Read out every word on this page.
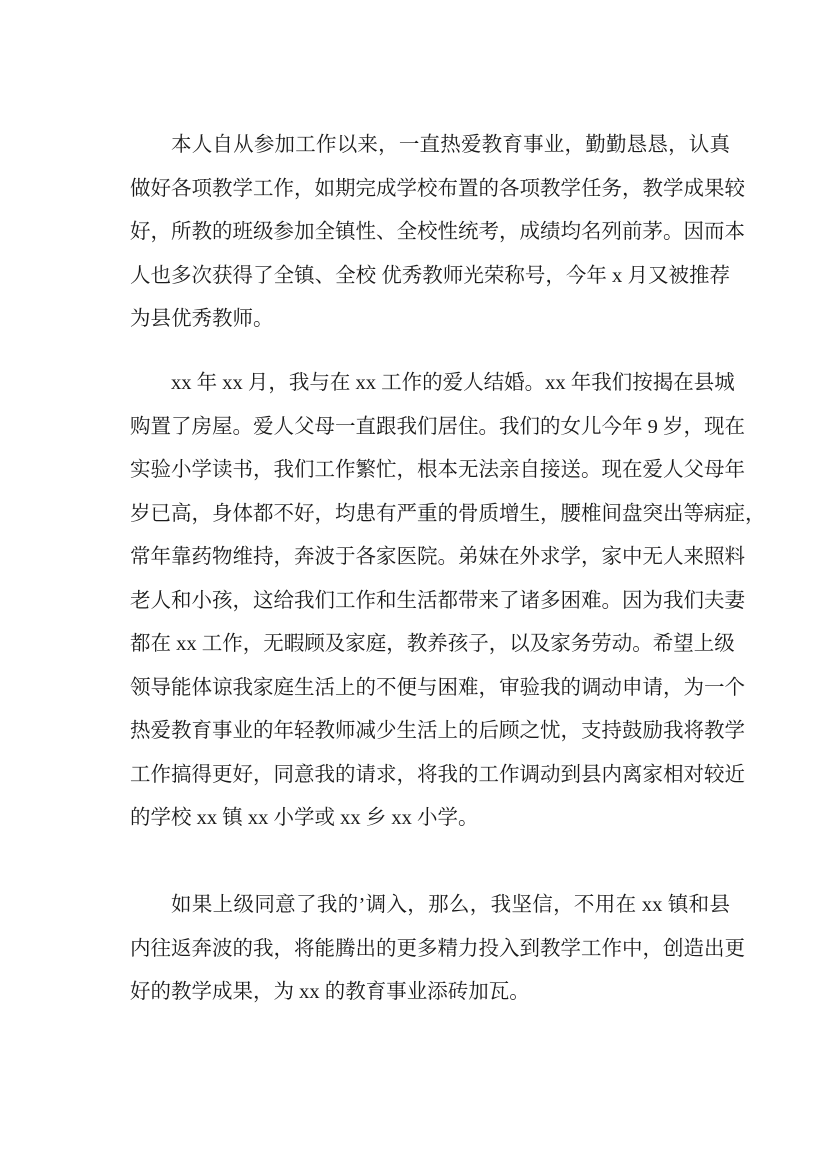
本人自从参加工作以来，一直热爱教育事业，勤勤恳恳，认真
做好各项教学工作，如期完成学校布置的各项教学任务，教学成果较
好，所教的班级参加全镇性、全校性统考，成绩均名列前茅。因而本
人也多次获得了全镇、全校 优秀教师光荣称号，今年 x 月又被推荐
为县优秀教师。
xx 年 xx 月，我与在 xx 工作的爱人结婚。xx 年我们按揭在县城
购置了房屋。爱人父母一直跟我们居住。我们的女儿今年 9 岁，现在
实验小学读书，我们工作繁忙，根本无法亲自接送。现在爱人父母年
岁已高，身体都不好，均患有严重的骨质增生，腰椎间盘突出等病症，
常年靠药物维持，奔波于各家医院。弟妹在外求学，家中无人来照料
老人和小孩，这给我们工作和生活都带来了诸多困难。因为我们夫妻
都在 xx 工作，无暇顾及家庭，教养孩子，以及家务劳动。希望上级
领导能体谅我家庭生活上的不便与困难，审验我的调动申请，为一个
热爱教育事业的年轻教师减少生活上的后顾之忧，支持鼓励我将教学
工作搞得更好，同意我的请求，将我的工作调动到县内离家相对较近
的学校 xx 镇 xx 小学或 xx 乡 xx 小学。
如果上级同意了我的’调入，那么，我坚信，不用在 xx 镇和县
内往返奔波的我，将能腾出的更多精力投入到教学工作中，创造出更
好的教学成果，为 xx 的教育事业添砖加瓦。
